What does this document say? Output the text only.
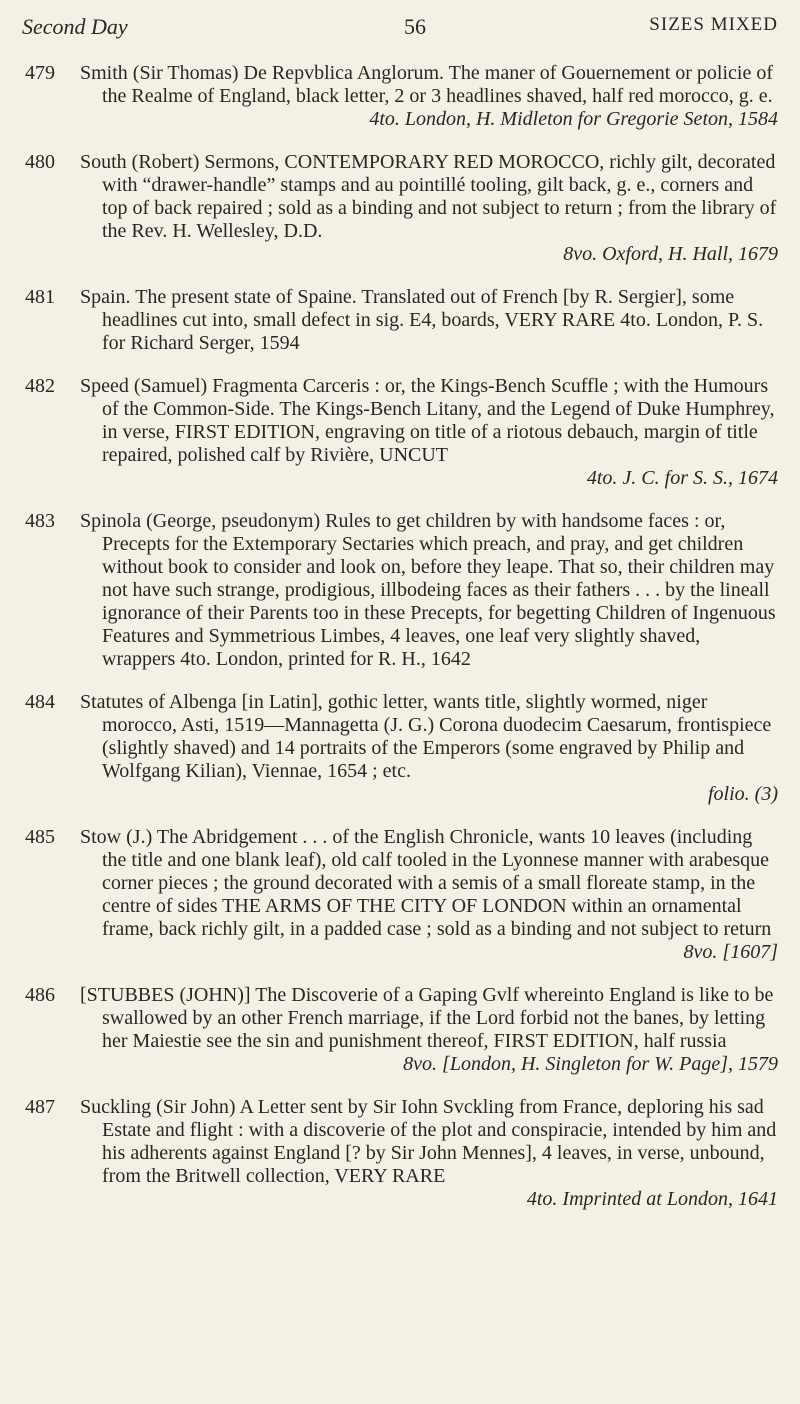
Second Day	56	SIZES MIXED
479	Smith (Sir Thomas) De Repvblica Anglorum. The maner of Gouernement or policie of the Realme of England, black letter, 2 or 3 headlines shaved, half red morocco, g. e.
4to. London, H. Midleton for Gregorie Seton, 1584
480	South (Robert) Sermons, CONTEMPORARY RED MOROCCO, richly gilt, decorated with “drawer-handle” stamps and au pointillé tooling, gilt back, g. e., corners and top of back repaired ; sold as a binding and not subject to return ; from the library of the Rev. H. Wellesley, D.D.
8vo. Oxford, H. Hall, 1679
481	Spain. The present state of Spaine. Translated out of French [by R. Sergier], some headlines cut into, small defect in sig. E4, boards, VERY RARE 4to. London, P. S. for Richard Serger, 1594
482	Speed (Samuel) Fragmenta Carceris : or, the Kings-Bench Scuffle ; with the Humours of the Common-Side. The Kings-Bench Litany, and the Legend of Duke Humphrey, in verse, FIRST EDITION, engraving on title of a riotous debauch, margin of title repaired, polished calf by Rivière, UNCUT
4to. J. C. for S. S., 1674
483	Spinola (George, pseudonym) Rules to get children by with handsome faces : or, Precepts for the Extemporary Sectaries which preach, and pray, and get children without book to consider and look on, before they leape. That so, their children may not have such strange, prodigious, illbodeing faces as their fathers . . . by the lineall ignorance of their Parents too in these Precepts, for begetting Children of Ingenuous Features and Symmetrious Limbes, 4 leaves, one leaf very slightly shaved, wrappers 4to. London, printed for R. H., 1642
484	Statutes of Albenga [in Latin], gothic letter, wants title, slightly wormed, niger morocco, Asti, 1519—Mannagetta (J. G.) Corona duodecim Caesarum, frontispiece (slightly shaved) and 14 portraits of the Emperors (some engraved by Philip and Wolfgang Kilian), Viennae, 1654 ; etc.
folio. (3)
485	Stow (J.) The Abridgement . . . of the English Chronicle, wants 10 leaves (including the title and one blank leaf), old calf tooled in the Lyonnese manner with arabesque corner pieces ; the ground decorated with a semis of a small floreate stamp, in the centre of sides THE ARMS OF THE CITY OF LONDON within an ornamental frame, back richly gilt, in a padded case ; sold as a binding and not subject to return
8vo. [1607]
486	[STUBBES (JOHN)] The Discoverie of a Gaping Gvlf whereinto England is like to be swallowed by an other French marriage, if the Lord forbid not the banes, by letting her Maiestie see the sin and punishment thereof, FIRST EDITION, half russia
8vo. [London, H. Singleton for W. Page], 1579
487	Suckling (Sir John) A Letter sent by Sir Iohn Svckling from France, deploring his sad Estate and flight : with a discoverie of the plot and conspiracie, intended by him and his adherents against England [? by Sir John Mennes], 4 leaves, in verse, unbound, from the Britwell collection, VERY RARE
4to. Imprinted at London, 1641
